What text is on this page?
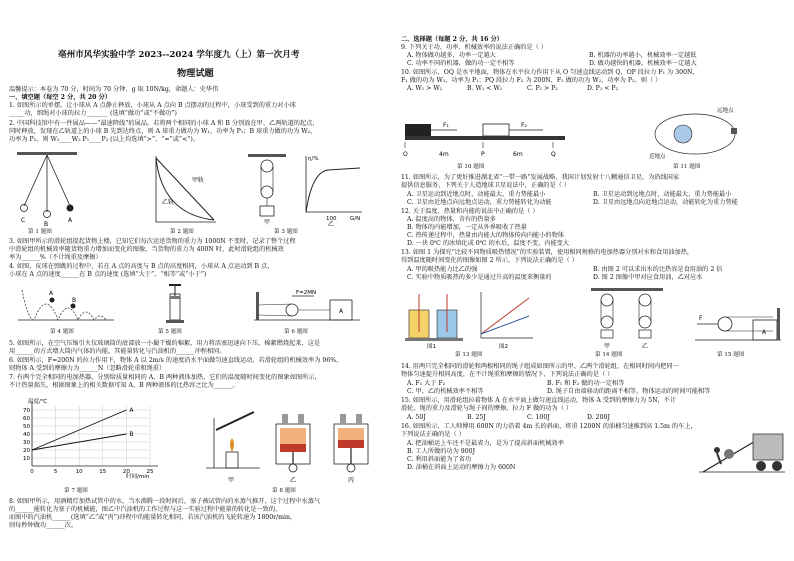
亳州市风华实验中学 2023--2024 学年度九（上）第一次月考
物理试题
温馨提示：本卷为 70 分，时间为 70 分钟，g 取 10N/kg，命题人：史华伟
一、填空题（每空 2 分，共 20 分）
1. 如图所示的单摆，让小球从 A 点静止释放，小球从 A 点向 B 点摆动的过程中，小球受到的重力对小球
_____功，细绳对小球的拉力_______ (选填“做功”或“不做功”)
2. 中国科技馆中有一件展品——“最速降线”的展品。若将两个相同的小球 A 和 B 分别放在甲、乙两轨道的起点，
同时释放，发现在乙轨道上的小球 B 先到达终点，则 A 球重力做功为 W₁，功率为 P₁；B 球重力做的功为 W₂，
功率为 P₂，则 W₁____W₂ P₁____P₂ (以上均选填“>”、“=”或“<”)。
C
B
A
第 1 题图
甲轨
乙轨
第 2 题图
甲
η/%
G/N
100
乙
第 3 题图
3. 如图甲所示的滑轮组提起货物上楼，已知它们每次运送货物的重力为 1000N 不变时，记录了整个过程
中滑轮组的机械效率随货物重力增加而变化的图像，当货物的重力为 400N 时，此时滑轮组的机械效
率为______%（不计绳重及摩擦）
4. 如图，皮球在弹跳的过程中，若在 A 点的高度与 B 点的高度相同，小球从 A 点运动到 B 点，
小球在 A 点的速度______在 B 点的速度 (选填“大于”、“相等”或“小于”)
A
B
第 4 题图	第 5 题图
A
F=2MN
第 6 题图
5. 如图所示，在空气压缩引火仪玻璃筒的底部放一小撮干燥的棉絮，用力将活塞迅速向下压，棉絮燃烧起来，这是
用______的方式增大筒内气体的内能，其能量转化与汽油机的______冲程相同。
6. 如图所示，F=200N 的拉力作用下，物体 A 以 2m/s 的速度沿水平面做匀速直线运动，若滑轮组的机械效率为 96%，
则物体 A 受到的摩擦力为______N（忽略滑轮重和绳重）
7. 有两个完全相同的电加热器，分别给质量相同的 A、B 两种液体加热，它们的温度随时间变化的图象如图所示，
不计热量损失，根据图象上的相关数据可知 A、B 两种液体的比热容之比为______。
温度/℃
时间/min
10
20
30
40
50
60
70
0	5	10	15	20	25
A
B
第 7 题图
甲	乙	丙
第 8 题图
8. 如图甲所示，用酒精灯加热试管中的水，当水沸腾一段时间后，塞子被试管内的水蒸气推开，这个过程中水蒸气
的______能转化为塞子的机械能，图乙中汽油机的工作过程与这一实验过程中能量的转化是一致的，
而图中的汽油机______(选填“乙”或“丙”)冲程中的能量转化相同，若该汽油机的飞轮转速为 1800r/min，
则每秒钟做功______次。
二、选择题（每题 2 分，共 16 分）
9. 下列关于功、功率、机械效率的说法正确的是（ ）
A. 物体做功越多，功率一定越大	B. 机器的功率越小，机械效率一定越低
C. 功率不同的机器，做的功一定不相等	D. 做功越快的机器，机械效率一定越大
10. 如图所示，OQ 是水平地面，物体在水平拉力作用下从 O 匀速直线运动到 Q，OP 段拉力 F₁ 为 300N，
F₁ 做的功为 W₁，功率为 P₁；PQ 段拉力 F₂ 为 200N，F₂ 做的功为 W₂，功率为 P₂。则（ ）
A. W₁ > W₂	B. W₁ < W₂	C. P₁ > P₂	D. P₁ < P₂
F₁	F₂
O	4m	P	6m	Q
第 10 题图
远地点
近地点
第 11 题图
11. 如图所示，为了更好推进湖北省“一带一路”发展战略，我国计划发射十八颗通信卫星，为沿线国家
提供信息服务，下列关于人造地球卫星说法中，正确的是（ ）
A. 卫星运动到近地点时，动能最大，重力势能最小	B. 卫星运动到远地点时，动能最大，重力势能最小
C. 卫星由近地点向远地点运动，重力势能转化为动能	D. 卫星由远地点向近地点运动，动能转化为重力势能
12. 关于温度、热量和内能的说法中正确的是（ ）
A. 温度高的物体，含有的热量多
B. 物体的内能增加，一定从外界吸收了热量
C. 热传递过程中，热量由内能大的物体传向内能小的物体
D. 一块 0℃ 的冰熔化成 0℃ 的水后，温度不变，内能变大
13. 如图 1 为探究“比较不同物质吸热情况”的实验装置，使用相同规格的电加热器分别对水和食用油加热，
得到温度随时间变化的图像如图 2 所示，下列说法正确的是（ ）
A. 甲的吸热能力比乙的强	B. 由图 2 可以求出水的比热容是食用油的 2 倍
C. 实验中物质吸热的多少是通过升高的温度来衡量的	D. 图 2 图像中甲对应食用油，乙对应水
图1	图2
第 13 题图
甲	乙
第 14 题图
F
A
第 15 题图
14. 用两只完全相同的滑轮和两根相同的绳子组成如图所示的甲、乙两个滑轮组，在相同时间内把同一
物体匀速提升相同高度，在不计绳重和摩擦的情况下，下列说法正确的是（ ）
A. F₁ 大于 F₂	B. F₁ 和 F₂ 做的功一定相等
C. 甲、乙的机械效率不相等	D. 绳子自由端移动的距离不相等，物体运动的时间可能相等
15. 如图所示，用滑轮组拉着物体 A 在水平面上做匀速直线运动，物体 A 受到的摩擦力为 5N，不计
滑轮、绳的重力及滑轮与绳子间的摩擦，拉力 F 做的功为（ ）
A. 50J	B. 25J	C. 100J	D. 200J
16. 如图所示，工人师傅用 600N 的力沿着 4m 长的斜面，将重 1200N 的油桶匀速推到高 1.5m 的车上，
下列说法正确的是（ ）
A. 把油桶运上车还不是最省力，是为了提高斜面机械效率
B. 工人所做的功为 900J
C. 利用斜面能为了省功
D. 油桶在斜面上运动的摩擦力为 600N
